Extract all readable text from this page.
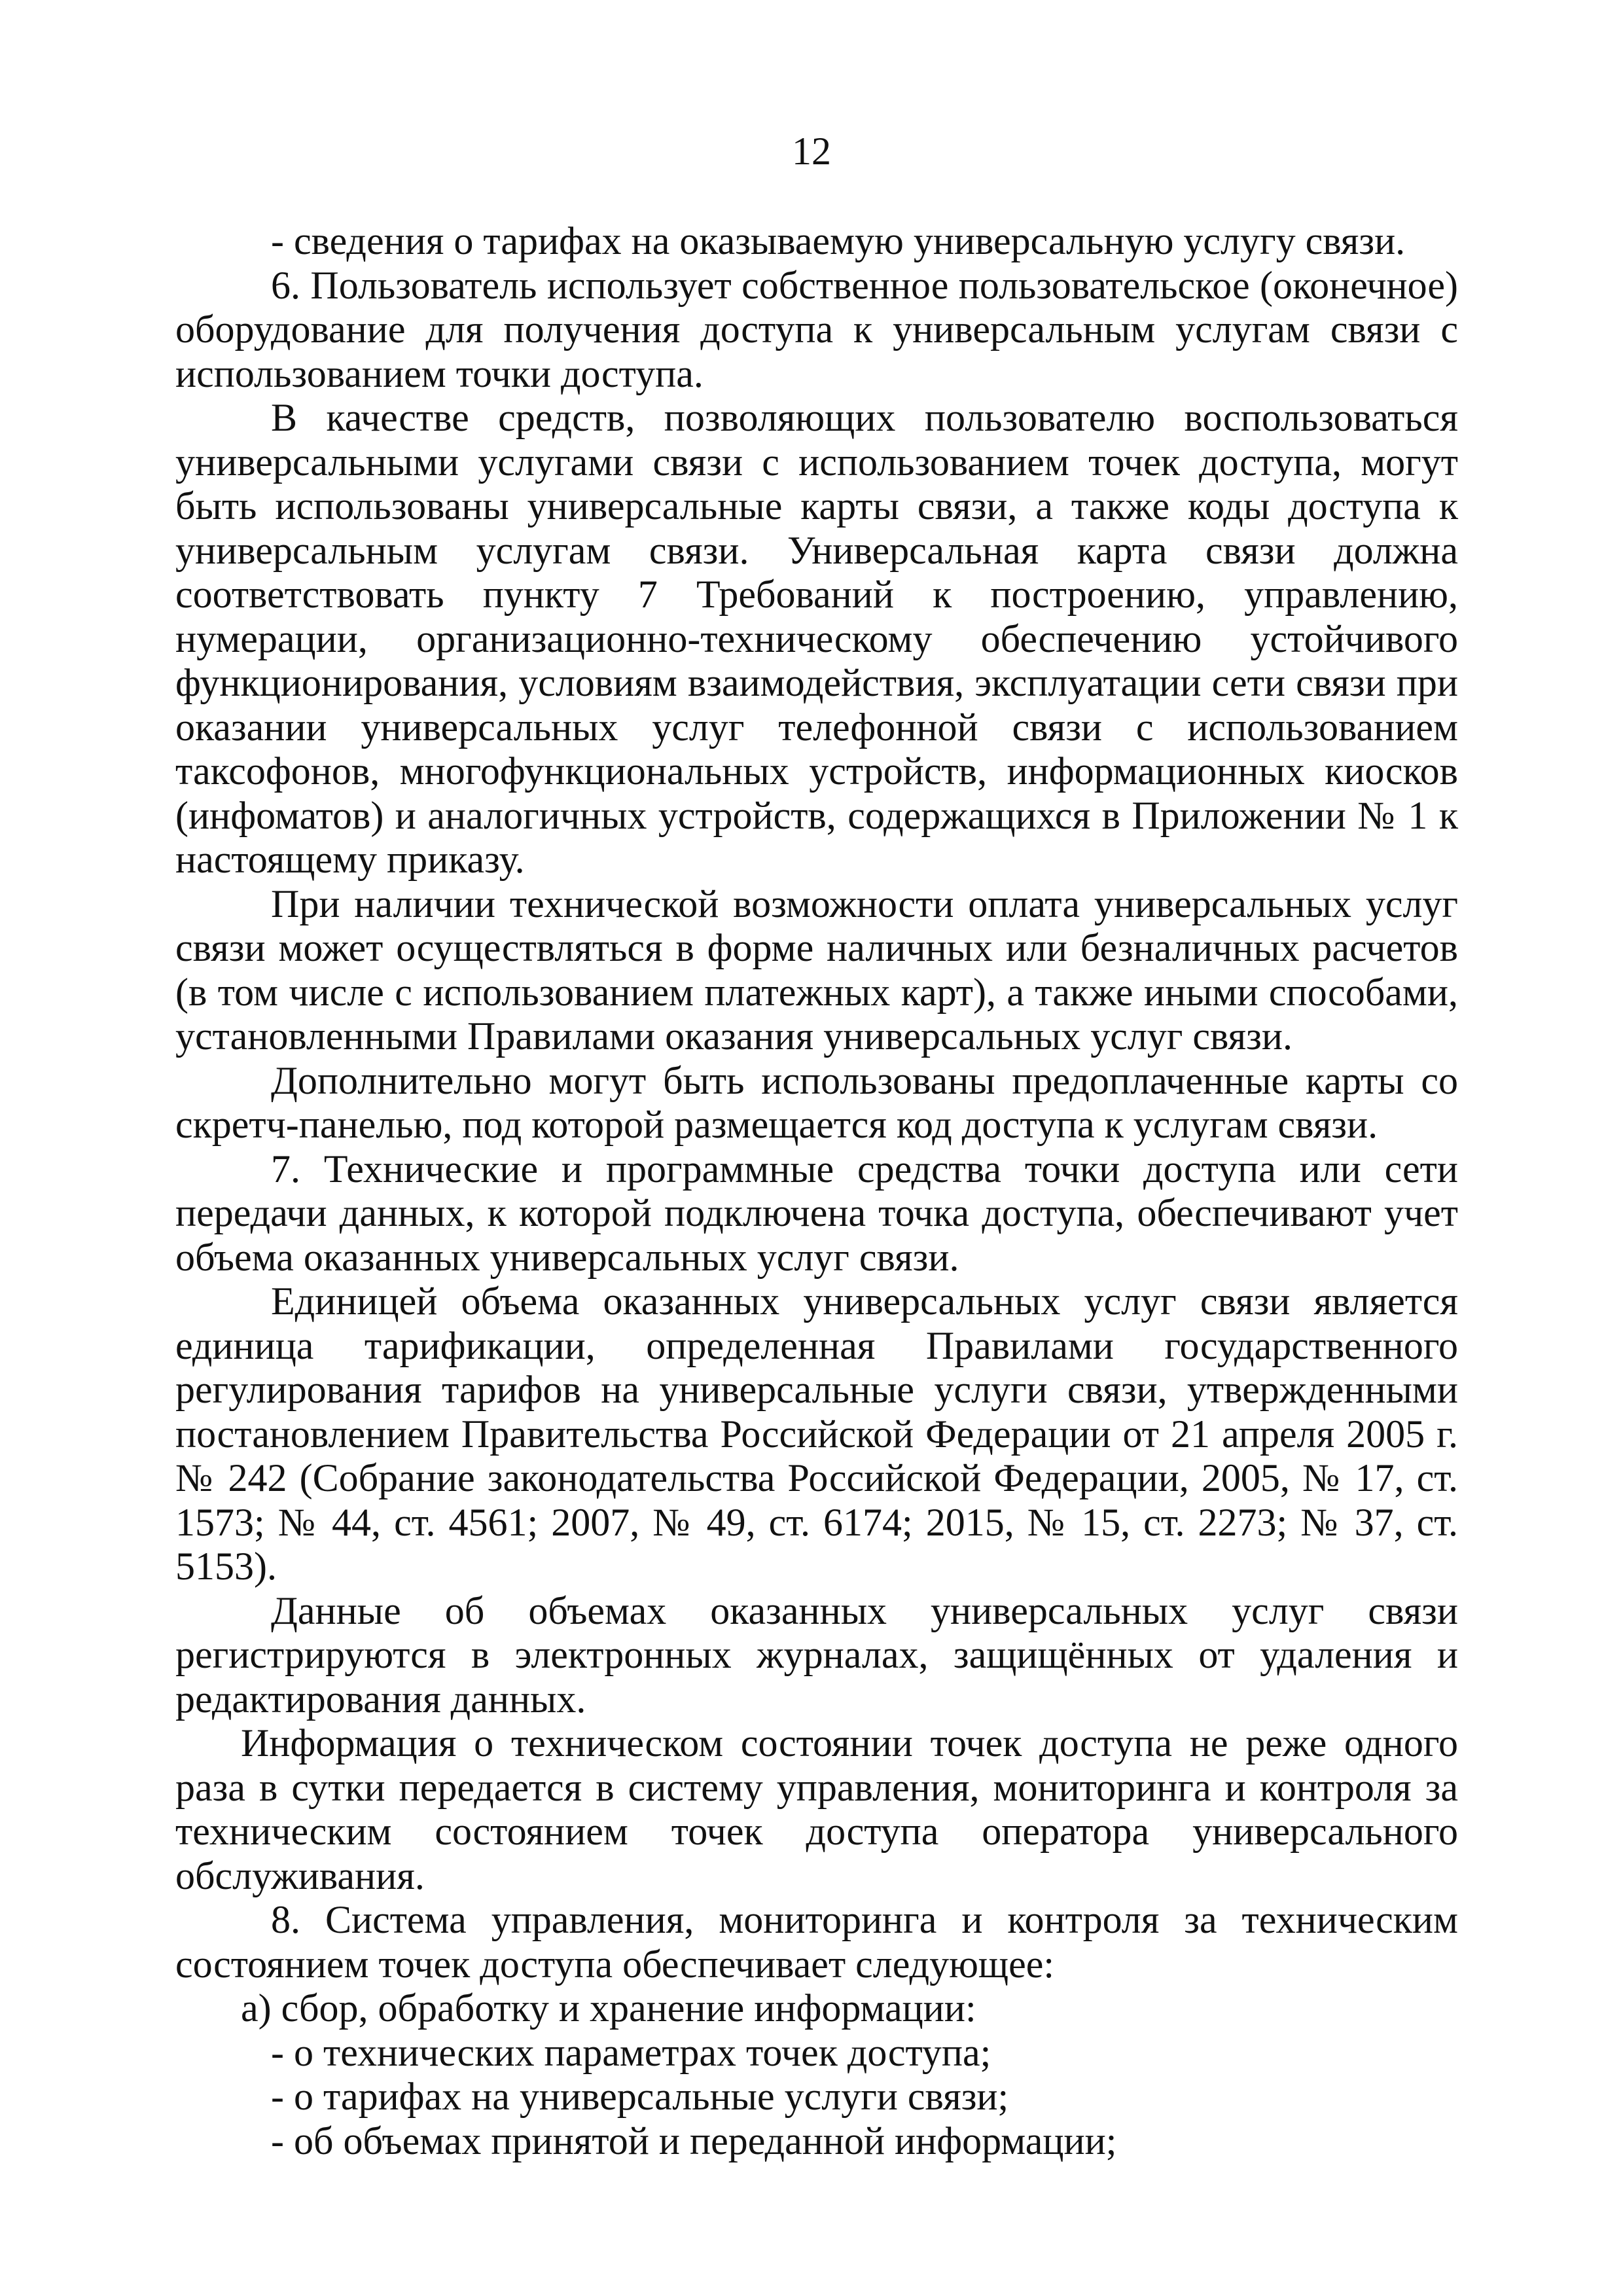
12

- сведения о тарифах на оказываемую универсальную услугу связи.

6. Пользователь использует собственное пользовательское (оконечное) оборудование для получения доступа к универсальным услугам связи с использованием точки доступа.

В качестве средств, позволяющих пользователю воспользоваться универсальными услугами связи с использованием точек доступа, могут быть использованы универсальные карты связи, а также коды доступа к универсальным услугам связи. Универсальная карта связи должна соответствовать пункту 7 Требований к построению, управлению, нумерации, организационно-техническому обеспечению устойчивого функционирования, условиям взаимодействия, эксплуатации сети связи при оказании универсальных услуг телефонной связи с использованием таксофонов, многофункциональных устройств, информационных киосков (инфоматов) и аналогичных устройств, содержащихся в Приложении № 1 к настоящему приказу.

При наличии технической возможности оплата универсальных услуг связи может осуществляться в форме наличных или безналичных расчетов (в том числе с использованием платежных карт), а также иными способами, установленными Правилами оказания универсальных услуг связи.

Дополнительно могут быть использованы предоплаченные карты со скретч-панелью, под которой размещается код доступа к услугам связи.

7. Технические и программные средства точки доступа или сети передачи данных, к которой подключена точка доступа, обеспечивают учет объема оказанных универсальных услуг связи.

Единицей объема оказанных универсальных услуг связи является единица тарификации, определенная Правилами государственного регулирования тарифов на универсальные услуги связи, утвержденными постановлением Правительства Российской Федерации от 21 апреля 2005 г. № 242 (Собрание законодательства Российской Федерации, 2005, № 17, ст. 1573; № 44, ст. 4561; 2007, № 49, ст. 6174; 2015, № 15, ст. 2273; № 37, ст. 5153).

Данные об объемах оказанных универсальных услуг связи регистрируются в электронных журналах, защищённых от удаления и редактирования данных.

Информация о техническом состоянии точек доступа не реже одного раза в сутки передается в систему управления, мониторинга и контроля за техническим состоянием точек доступа оператора универсального обслуживания.

8. Система управления, мониторинга и контроля за техническим состоянием точек доступа обеспечивает следующее:

а) сбор, обработку и хранение информации:

- о технических параметрах точек доступа;

- о тарифах на универсальные услуги связи;

- об объемах принятой и переданной информации;
